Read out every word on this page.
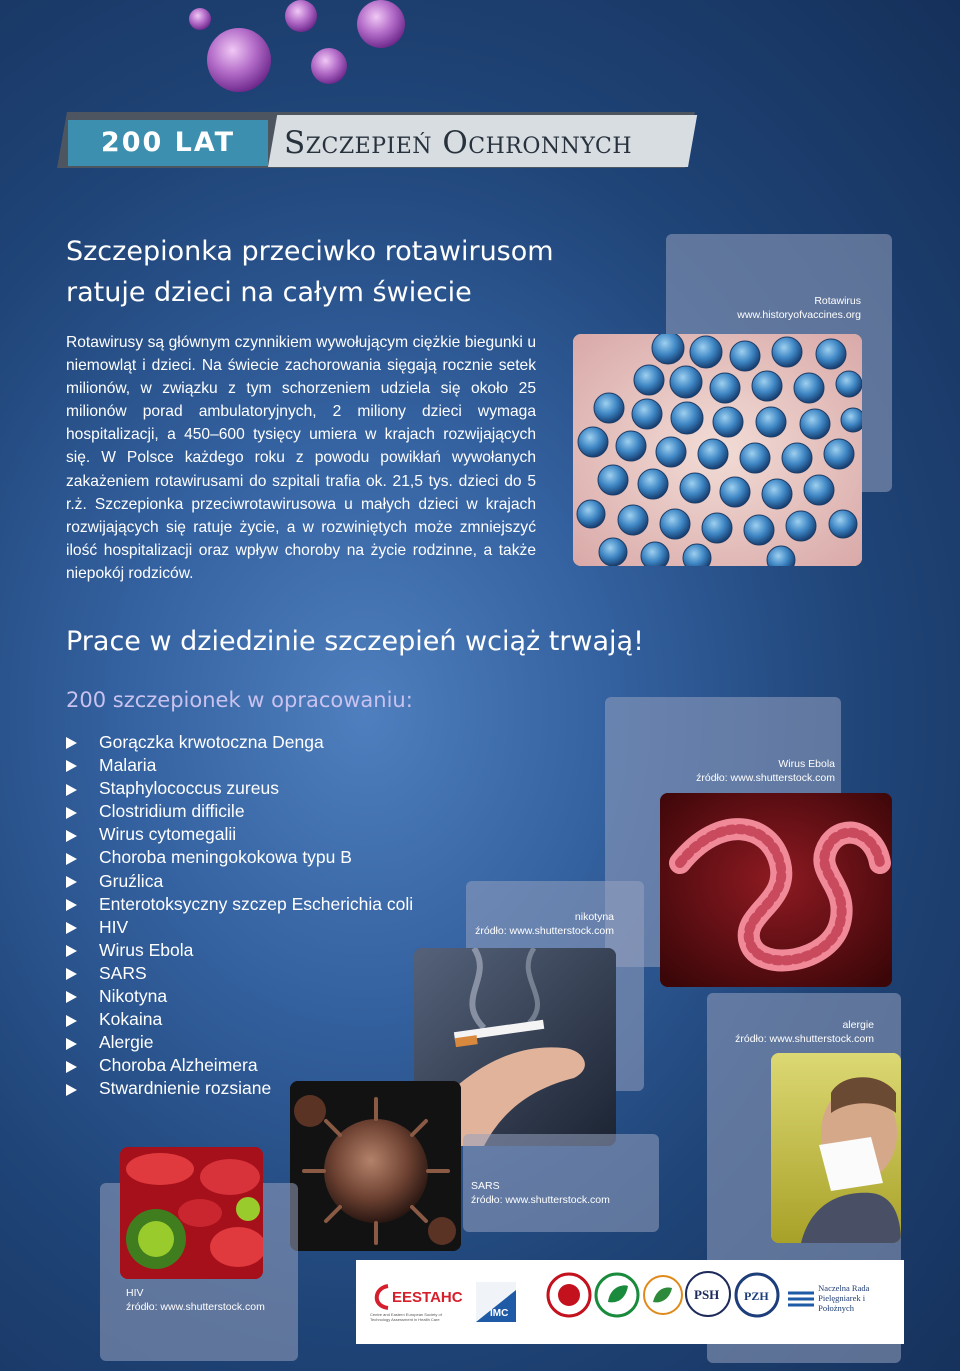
200 LAT	Szczepień Ochronnych
Szczepionka przeciwko rotawirusom
ratuje dzieci na całym świecie
Rotawirusy są głównym czynnikiem wywołującym ciężkie biegunki u niemowląt i dzieci. Na świecie zachorowania sięgają rocznie setek milionów, w związku z tym schorzeniem udziela się około 25 milionów porad ambulatoryjnych, 2 miliony dzieci wymaga hospitalizacji, a 450–600 tysięcy umiera w krajach rozwijających się. W Polsce każdego roku z powodu powikłań wywołanych zakażeniem rotawirusami do szpitali trafia ok. 21,5 tys. dzieci do 5 r.ż. Szczepionka przeciwrotawirusowa u małych dzieci w krajach rozwijających się ratuje życie, a w rozwiniętych może zmniejszyć ilość hospitalizacji oraz wpływ choroby na życie rodzinne, a także niepokój rodziców.
Rotawirus
www.historyofvaccines.org
Prace w dziedzinie szczepień wciąż trwają!
200 szczepionek w opracowaniu:
Gorączka krwotoczna Denga
Malaria
Staphylococcus zureus
Clostridium difficile
Wirus cytomegalii
Choroba meningokokowa typu B
Gruźlica
Enterotoksyczny szczep Escherichia coli
HIV
Wirus Ebola
SARS
Nikotyna
Kokaina
Alergie
Choroba Alzheimera
Stwardnienie rozsiane
Wirus Ebola
źródło: www.shutterstock.com
nikotyna
źródło: www.shutterstock.com
alergie
źródło: www.shutterstock.com
SARS
źródło: www.shutterstock.com
HIV
źródło: www.shutterstock.com
EESTAHC
Centre and Eastern European Society of Technology Assessment in Health Care
IMC
PSH PZH
Naczelna Rada
Pielęgniarek i Położnych
